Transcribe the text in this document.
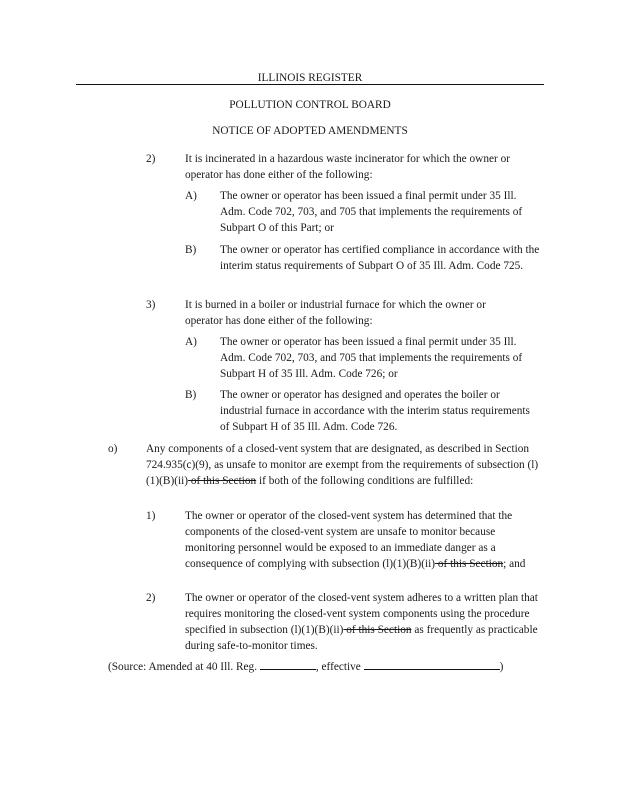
ILLINOIS REGISTER
POLLUTION CONTROL BOARD
NOTICE OF ADOPTED AMENDMENTS
2)	It is incinerated in a hazardous waste incinerator for which the owner or operator has done either of the following:
A) The owner or operator has been issued a final permit under 35 Ill. Adm. Code 702, 703, and 705 that implements the requirements of Subpart O of this Part; or
B) The owner or operator has certified compliance in accordance with the interim status requirements of Subpart O of 35 Ill. Adm. Code 725.
3)	It is burned in a boiler or industrial furnace for which the owner or operator has done either of the following:
A) The owner or operator has been issued a final permit under 35 Ill. Adm. Code 702, 703, and 705 that implements the requirements of Subpart H of 35 Ill. Adm. Code 726; or
B) The owner or operator has designed and operates the boiler or industrial furnace in accordance with the interim status requirements of Subpart H of 35 Ill. Adm. Code 726.
o)	Any components of a closed-vent system that are designated, as described in Section 724.935(c)(9), as unsafe to monitor are exempt from the requirements of subsection (l)(1)(B)(ii) of this Section if both of the following conditions are fulfilled:
1)	The owner or operator of the closed-vent system has determined that the components of the closed-vent system are unsafe to monitor because monitoring personnel would be exposed to an immediate danger as a consequence of complying with subsection (l)(1)(B)(ii) of this Section; and
2)	The owner or operator of the closed-vent system adheres to a written plan that requires monitoring the closed-vent system components using the procedure specified in subsection (l)(1)(B)(ii) of this Section as frequently as practicable during safe-to-monitor times.
(Source: Amended at 40 Ill. Reg.	, effective	)
